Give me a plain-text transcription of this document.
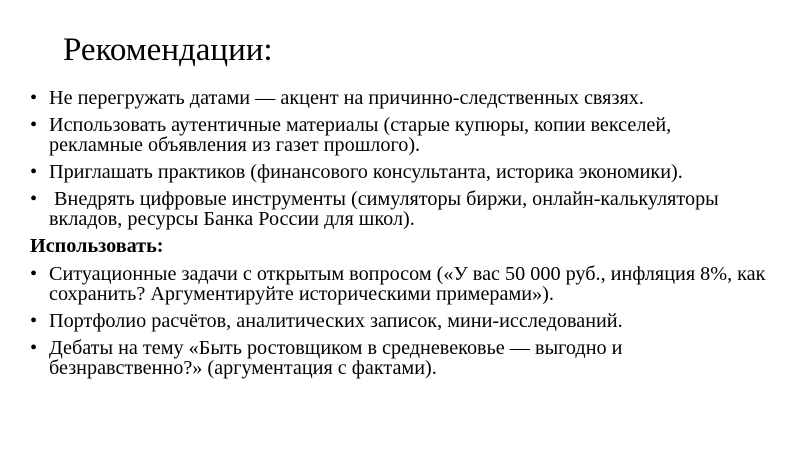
Рекомендации:
• Не перегружать датами — акцент на причинно-следственных связях.
• Использовать аутентичные материалы (старые купюры, копии векселей, рекламные объявления из газет прошлого).
• Приглашать практиков (финансового консультанта, историка экономики).
•  Внедрять цифровые инструменты (симуляторы биржи, онлайн-калькуляторы вкладов, ресурсы Банка России для школ).
Использовать:
• Ситуационные задачи с открытым вопросом («У вас 50 000 руб., инфляция 8%, как сохранить? Аргументируйте историческими примерами»).
• Портфолио расчётов, аналитических записок, мини-исследований.
• Дебаты на тему «Быть ростовщиком в средневековье — выгодно и безнравственно?» (аргументация с фактами).
